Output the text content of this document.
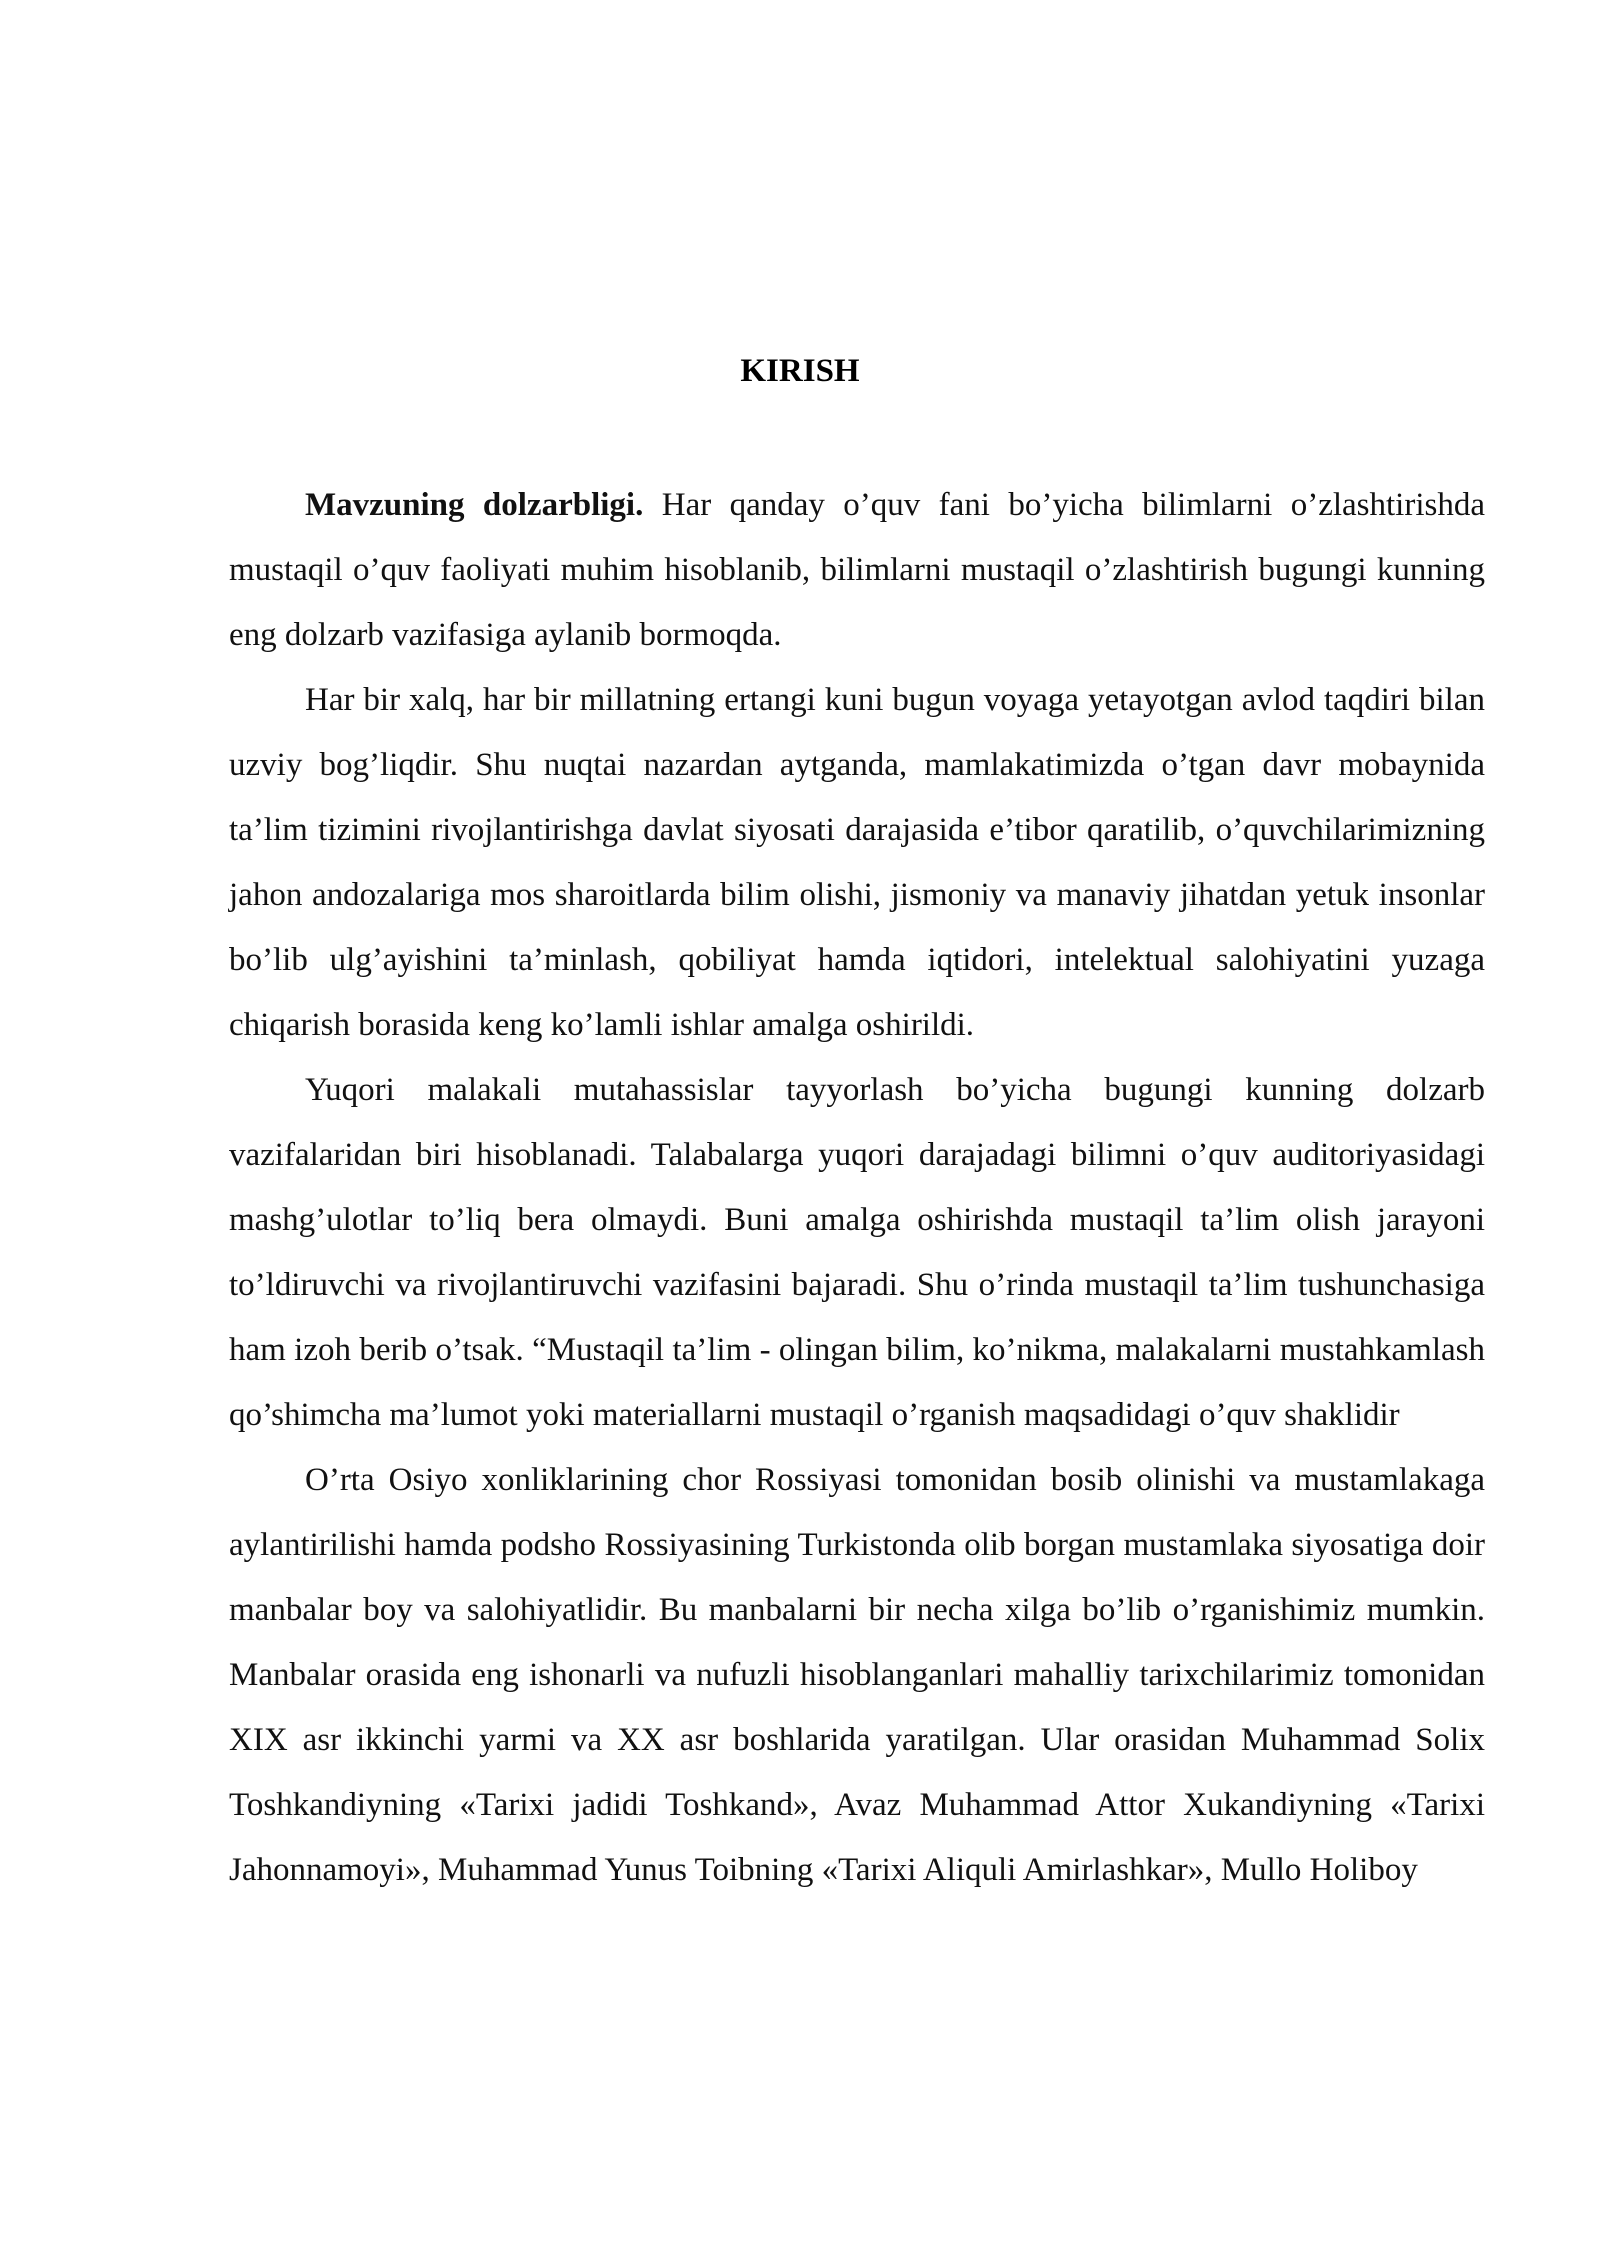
KIRISH

Mavzuning dolzarbligi. Har qanday o’quv fani bo’yicha bilimlarni o’zlashtirishda mustaqil o’quv faoliyati muhim hisoblanib, bilimlarni mustaqil o’zlashtirish bugungi kunning eng dolzarb vazifasiga aylanib bormoqda.

Har bir xalq, har bir millatning ertangi kuni bugun voyaga yetayotgan avlod taqdiri bilan uzviy bog’liqdir. Shu nuqtai nazardan aytganda, mamlakatimizda o’tgan davr mobaynida ta’lim tizimini rivojlantirishga davlat siyosati darajasida e’tibor qaratilib, o’quvchilarimizning jahon andozalariga mos sharoitlarda bilim olishi, jismoniy va manaviy jihatdan yetuk insonlar bo’lib ulg’ayishini ta’minlash, qobiliyat hamda iqtidori, intelektual salohiyatini yuzaga chiqarish borasida keng ko’lamli ishlar amalga oshirildi.

Yuqori malakali mutahassislar tayyorlash bo’yicha bugungi kunning dolzarb vazifalaridan biri hisoblanadi. Talabalarga yuqori darajadagi bilimni o’quv auditoriyasidagi mashg’ulotlar to’liq bera olmaydi. Buni amalga oshirishda mustaqil ta’lim olish jarayoni to’ldiruvchi va rivojlantiruvchi vazifasini bajaradi. Shu o’rinda mustaqil ta’lim tushunchasiga ham izoh berib o’tsak. “Mustaqil ta’lim - olingan bilim, ko’nikma, malakalarni mustahkamlash qo’shimcha ma’lumot yoki materiallarni mustaqil o’rganish maqsadidagi o’quv shaklidir

O’rta Osiyo xonliklarining chor Rossiyasi tomonidan bosib olinishi va mustamlakaga aylantirilishi hamda podsho Rossiyasining Turkistonda olib borgan mustamlaka siyosatiga doir manbalar boy va salohiyatlidir. Bu manbalarni bir necha xilga bo’lib o’rganishimiz mumkin. Manbalar orasida eng ishonarli va nufuzli hisoblanganlari mahalliy tarixchilarimiz tomonidan XIX asr ikkinchi yarmi va XX asr boshlarida yaratilgan. Ular orasidan Muhammad Solix Toshkandiyning «Tarixi jadidi Toshkand», Avaz Muhammad Attor Xukandiyning «Tarixi Jahonnamoyi», Muhammad Yunus Toibning «Tarixi Aliquli Amirlashkar», Mullo Holiboy
